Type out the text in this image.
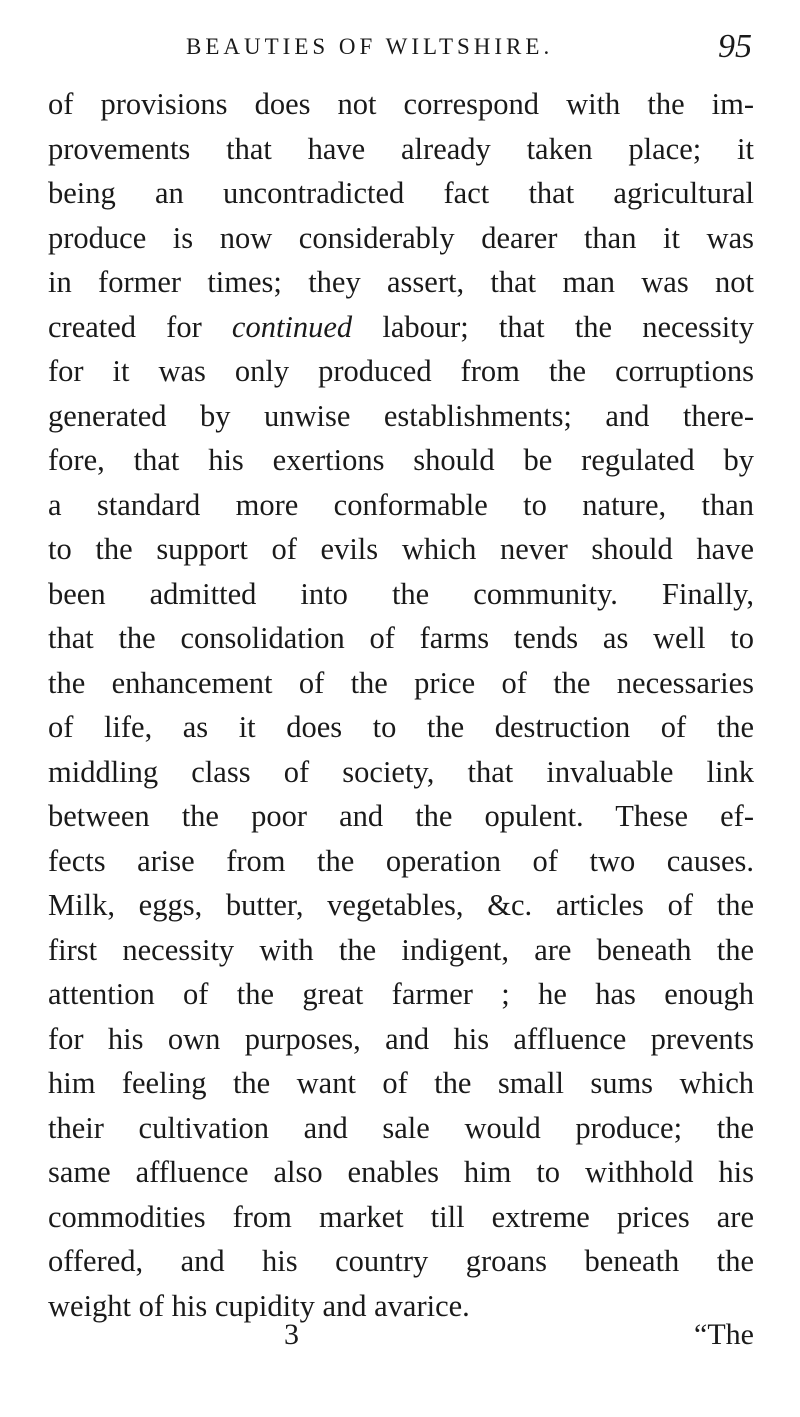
BEAUTIES OF WILTSHIRE.	95
of provisions does not correspond with the im-
provements that have already taken place; it
being an uncontradicted fact that agricultural
produce is now considerably dearer than it was
in former times; they assert, that man was not
created for continued labour; that the necessity
for it was only produced from the corruptions
generated by unwise establishments; and there-
fore, that his exertions should be regulated by
a standard more conformable to nature, than
to the support of evils which never should have
been admitted into the community. Finally,
that the consolidation of farms tends as well to
the enhancement of the price of the necessaries
of life, as it does to the destruction of the
middling class of society, that invaluable link
between the poor and the opulent. These ef-
fects arise from the operation of two causes.
Milk, eggs, butter, vegetables, &c. articles of the
first necessity with the indigent, are beneath the
attention of the great farmer ; he has enough
for his own purposes, and his affluence prevents
him feeling the want of the small sums which
their cultivation and sale would produce; the
same affluence also enables him to withhold his
commodities from market till extreme prices are
offered, and his country groans beneath the
weight of his cupidity and avarice.
3	“The
